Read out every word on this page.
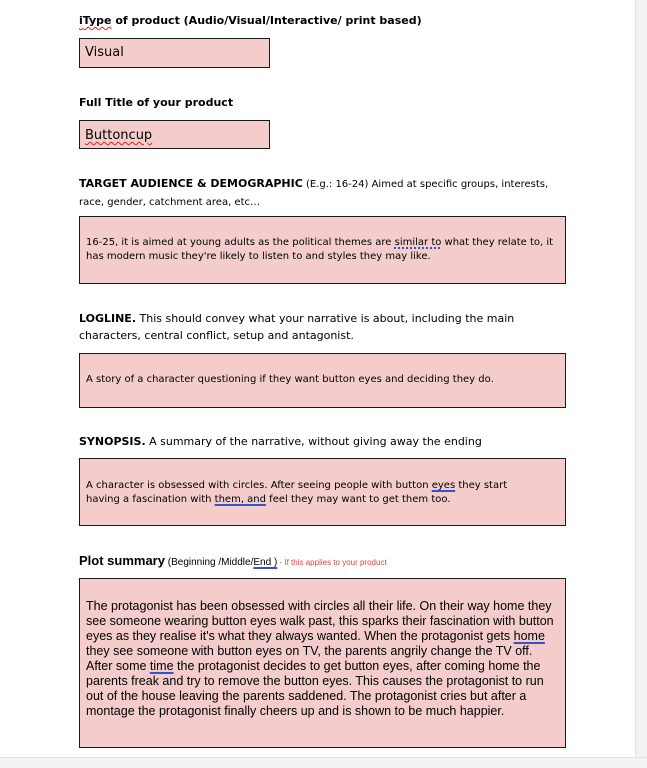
iType of product (Audio/Visual/Interactive/ print based)
Visual
Full Title of your product
Buttoncup
TARGET AUDIENCE & DEMOGRAPHIC (E.g.: 16-24) Aimed at specific groups, interests, race, gender, catchment area, etc…
16-25, it is aimed at young adults as the political themes are similar to what they relate to, it has modern music they're likely to listen to and styles they may like.
LOGLINE. This should convey what your narrative is about, including the main characters, central conflict, setup and antagonist.
A story of a character questioning if they want button eyes and deciding they do.
SYNOPSIS. A summary of the narrative, without giving away the ending
A character is obsessed with circles. After seeing people with button eyes they start having a fascination with them, and feel they may want to get them too.
Plot summary (Beginning /Middle/End ) - If this applies to your product
The protagonist has been obsessed with circles all their life. On their way home they see someone wearing button eyes walk past, this sparks their fascination with button eyes as they realise it's what they always wanted. When the protagonist gets home they see someone with button eyes on TV, the parents angrily change the TV off. After some time the protagonist decides to get button eyes, after coming home the parents freak and try to remove the button eyes. This causes the protagonist to run out of the house leaving the parents saddened. The protagonist cries but after a montage the protagonist finally cheers up and is shown to be much happier.
